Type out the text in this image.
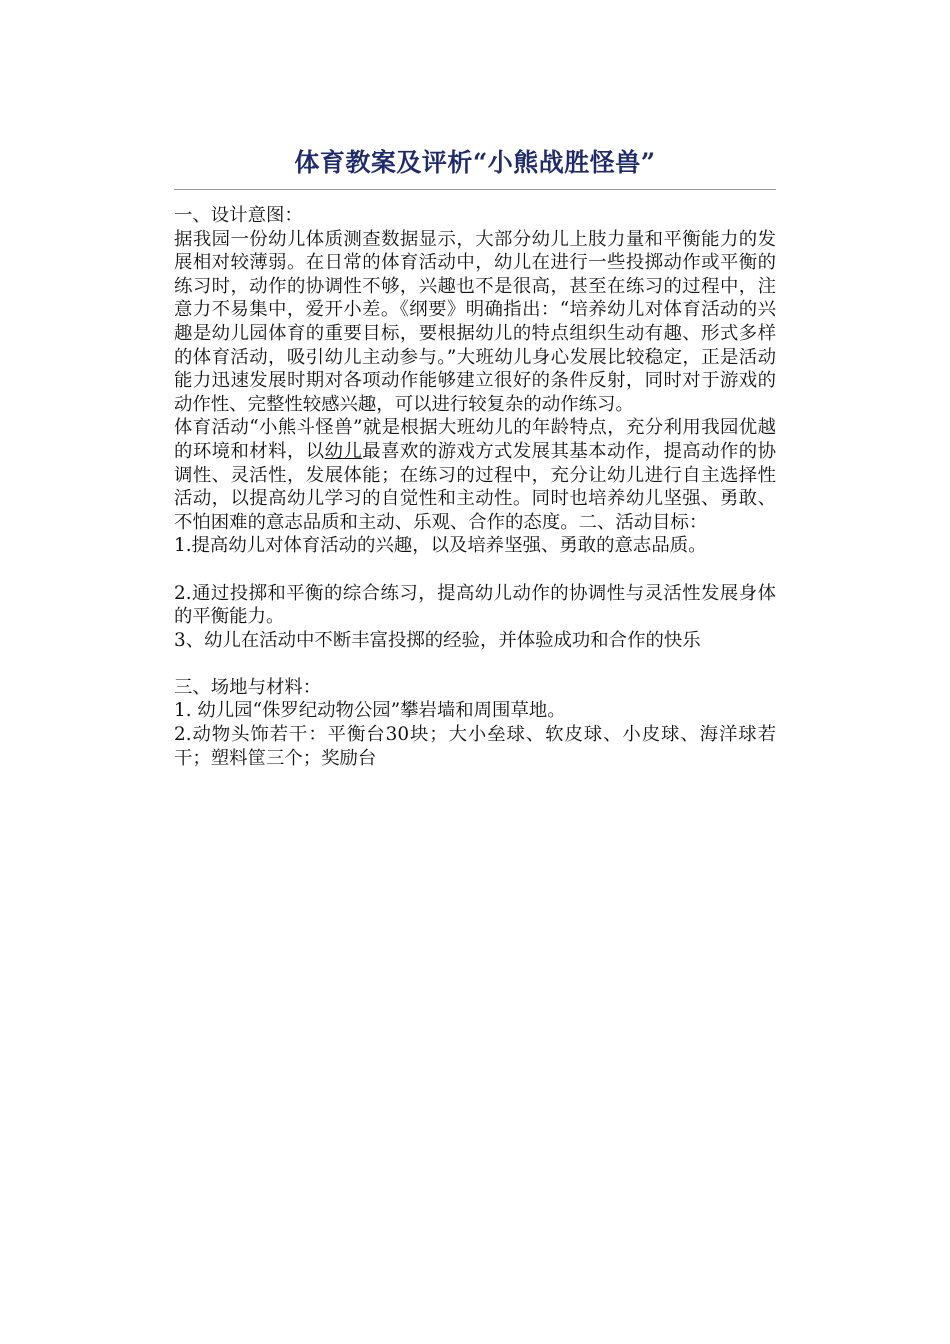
体育教案及评析“小熊战胜怪兽”

一、设计意图：

据我园一份幼儿体质测查数据显示，大部分幼儿上肢力量和平衡能力的发展相对较薄弱。在日常的体育活动中，幼儿在进行一些投掷动作或平衡的练习时，动作的协调性不够，兴趣也不是很高，甚至在练习的过程中，注意力不易集中，爱开小差。《纲要》明确指出：“培养幼儿对体育活动的兴趣是幼儿园体育的重要目标，要根据幼儿的特点组织生动有趣、形式多样的体育活动，吸引幼儿主动参与。”大班幼儿身心发展比较稳定，正是活动能力迅速发展时期对各项动作能够建立很好的条件反射，同时对于游戏的动作性、完整性较感兴趣，可以进行较复杂的动作练习。

体育活动“小熊斗怪兽”就是根据大班幼儿的年龄特点，充分利用我园优越的环境和材料，以幼儿最喜欢的游戏方式发展其基本动作，提高动作的协调性、灵活性，发展体能；在练习的过程中，充分让幼儿进行自主选择性活动，以提高幼儿学习的自觉性和主动性。同时也培养幼儿坚强、勇敢、不怕困难的意志品质和主动、乐观、合作的态度。二、活动目标：

1.提高幼儿对体育活动的兴趣，以及培养坚强、勇敢的意志品质。

2.通过投掷和平衡的综合练习，提高幼儿动作的协调性与灵活性发展身体的平衡能力。

3、幼儿在活动中不断丰富投掷的经验，并体验成功和合作的快乐

三、场地与材料：

1. 幼儿园“侏罗纪动物公园”攀岩墙和周围草地。

2.动物头饰若干：平衡台30块；大小垒球、软皮球、小皮球、海洋球若干；塑料筐三个；奖励台
